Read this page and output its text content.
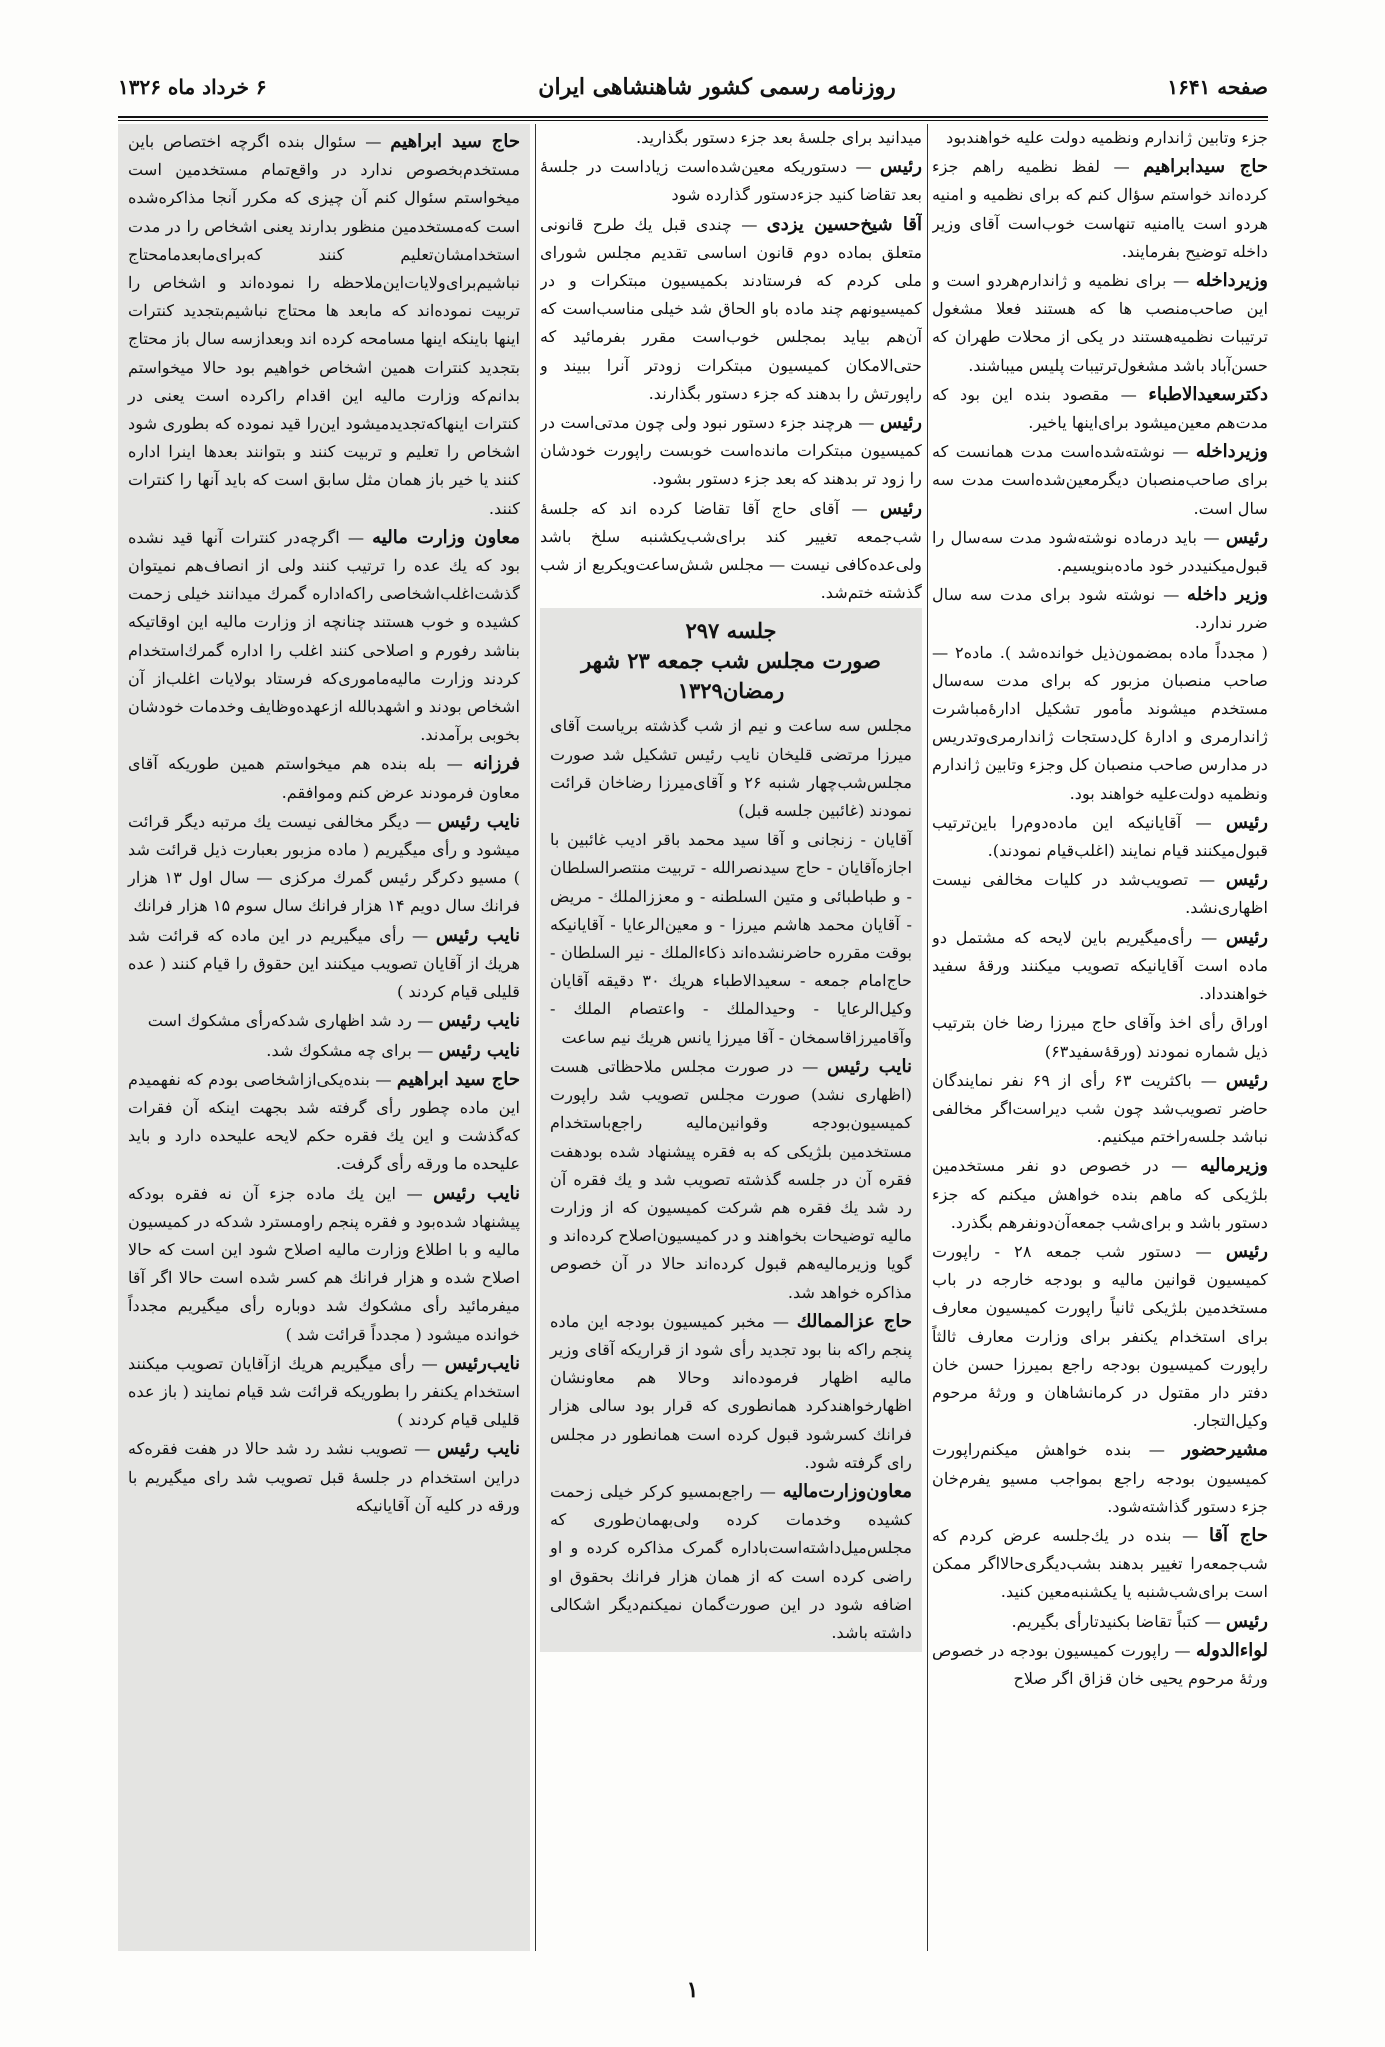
صفحه ۱۶۴۱
روزنامه رسمی کشور شاهنشاهی ایران
۶ خرداد ماه ۱۳۲۶

جزء وتابین ژاندارم ونظمیه دولت علیه خواهندبود

حاج سیدابراهیم — لفظ نظمیه راهم جزء کرده‌اند خواستم سؤال کنم که برای نظمیه و امنیه هردو است یاامنیه تنهاست خوب‌است آقای وزیر داخله توضیح بفرمایند.

وزیرداخله — برای نظمیه و ژاندارم‌هردو است و این صاحب‌منصب ها که هستند فعلا مشغول ترتیبات نظمیه‌هستند در یکی از محلات طهران که حسن‌آباد باشد مشغول‌ترتیبات پلیس میباشند.

دکترسعیدالاطباء — مقصود بنده این بود که مدت‌هم معین‌میشود برای‌اینها یا‌خیر.

وزیرداخله — نوشته‌شده‌است مدت همانست که برای صاحب‌منصبان دیگرمعین‌شده‌است مدت سه سال است.

رئیس — باید درماده نوشته‌شود مدت سه‌سال را قبول‌میکنید‌در خود ماده‌بنویسیم.

وزیر داخله — نوشته شود برای مدت سه سال ضرر ندارد.

( مجدداً ماده بمضمون‌ذیل خوانده‌شد ). ماده۲ — صاحب منصبان مزبور که برای مدت سه‌سال مستخدم میشوند مأمور تشکیل ادارۀ‌مباشرت ژاندارمری و ادارۀ کل‌دستجات ژاندارمری‌وتدریس در مدارس صاحب منصبان کل وجزء وتابین ژاندارم ونظمیه دولت‌علیه خواهند بود.

رئیس — آقایانیکه این ماده‌دوم‌را باین‌ترتیب قبول‌میکنند قیام نمایند (اغلب‌قیام نمودند).

رئیس — تصویب‌شد در کلیات مخالفی نیست اظهاری‌نشد.

رئیس — رأی‌میگیریم باین لایحه که مشتمل دو ماده است آقایانیکه تصویب میکنند ورقۀ سفید خواهند‌داد.

اوراق رأی اخذ وآقای حاج میرزا رضا خان بترتیب ذیل شماره نمودند (ورقۀ‌سفید۶۳)

رئیس — باکثریت ۶۳ رأی از ۶۹ نفر نمایندگان حاضر تصویب‌شد چون شب دیراست‌اگر مخالفی نباشد جلسه‌راختم میکنیم.

وزیرمالیه — در خصوص دو نفر مستخدمین بلژیکی که ماهم بنده خواهش میکنم که جزء دستور باشد و برای‌شب جمعه‌آن‌دونفرهم بگذرد.

رئیس — دستور شب جمعه ۲۸ - راپورت کمیسیون قوانین مالیه و بودجه خارجه در باب مستخدمین بلژیکی ثانیاً راپورت کمیسیون معارف برای استخدام یکنفر برای وزارت معارف ثالثاً راپورت کمیسیون بودجه راجع بمیرزا حسن خان دفتر دار مقتول در کرمانشاهان و ورثۀ مرحوم وکیل‌التجار.

مشیرحضور — بنده خواهش میکنم‌راپورت کمیسیون بودجه راجع بمواجب مسیو یفرم‌خان جزء دستور گذاشته‌شود.

حاج آقا — بنده در یك‌جلسه عرض کردم که شب‌جمعه‌را تغییر بدهند بشب‌دیگری‌حالا‌اگر ممکن است برای‌شب‌شنبه یا یکشنبه‌معین کنید.

رئیس — کتباً تقاضا بکنید‌تارأی بگیریم.

لواءالدوله — راپورت کمیسیون بودجه در خصوص ورثۀ مرحوم یحیی خان قزاق اگر صلاح

میدانید برای جلسۀ بعد جزء دستور بگذارید.

رئیس — دستوریکه معین‌شده‌است زیاداست در جلسۀ بعد تقاضا کنید جزءدستور گذارده شود

آقا شیخ‌حسین یزدی — چندی قبل یك طرح قانونی متعلق بماده دوم قانون اساسی تقدیم مجلس شورای ملی کردم که فرستادند بکمیسیون مبتکرات و در کمیسیونهم چند ماده باو الحاق شد خیلی مناسب‌است که آن‌هم بیاید بمجلس خوب‌است مقرر بفرمائید که حتی‌الامکان کمیسیون مبتکرات زودتر آنرا ببیند و راپورتش را بدهند که جزء دستور بگذارند.

رئیس — هرچند جزء دستور نبود ولی چون مدتی‌است در کمیسیون مبتکرات مانده‌است خوبست راپورت خودشان را زود تر بدهند که بعد جزء دستور بشود.

رئیس — آقای حاج آقا تقاضا کرده اند که جلسۀ شب‌جمعه تغییر کند برای‌شب‌یکشنبه سلخ باشد ولی‌عده‌کافی نیست — مجلس شش‌ساعت‌ویکربع از شب گذشته ختم‌شد.

جلسه ۲۹۷
صورت مجلس شب جمعه ۲۳ شهر
رمضان۱۳۲۹

مجلس سه ساعت و نیم از شب گذشته بریاست آقای میرزا مرتضی قلیخان نایب رئیس تشکیل شد صورت مجلس‌شب‌چهار شنبه ۲۶ و آقای‌میرزا رضاخان قرائت نمودند (غائبین جلسه قبل)

آقایان - زنجانی و آقا سید محمد باقر ادیب غائبین با اجازه‌آقایان - حاج سیدنصرالله - تربیت منتصرالسلطان - و طباطبائی و متین السلطنه - و معززالملك - مریض - آقایان محمد هاشم میرزا - و معین‌الرعایا - آقایانیکه بوقت مقرره حاضرنشده‌اند ذکاءالملك - نیر السلطان - حاج‌امام جمعه - سعیدالاطباء هریك ۳۰ دقیقه آقایان وکیل‌الرعایا - وحیدالملك - واعتصام الملك - وآقامیرزاقاسمخان - آقا میرزا یانس هریك نیم ساعت

نایب رئیس — در صورت مجلس ملاحظاتی هست (اظهاری نشد) صورت مجلس تصویب شد راپورت کمیسیون‌بودجه وقوانین‌مالیه راجع‌باستخدام مستخدمین بلژیکی که به فقره پیشنهاد شده بودهفت فقره آن در جلسه گذشته تصویب شد و یك فقره آن رد شد یك فقره هم شرکت کمیسیون که از وزارت مالیه توضیحات بخواهند و در کمیسیون‌اصلاح کرده‌اند و گویا وزیرمالیه‌هم قبول کرده‌اند حالا در آن خصوص مذاکره خواهد شد.

حاج عزالممالك — مخبر کمیسیون بودجه این ماده پنجم راکه بنا بود تجدید رأی شود از قراریکه آقای وزیر مالیه اظهار فرموده‌اند وحالا هم معاونشان اظهارخواهند‌کرد همانطوری که قرار بود سالی هزار فرانك کسرشود قبول کرده است همانطور در مجلس رای گرفته شود.

معاون‌وزارت‌مالیه — راجع‌بمسیو کرکر خیلی زحمت کشیده وخدمات کرده ولی‌بهمان‌طوری که مجلس‌میل‌داشته‌است‌باداره گمرک مذاکره کرده و او راضی کرده است که از همان هزار فرانك بحقوق او اضافه شود در این صورت‌گمان نمیکنم‌دیگر اشکالی داشته باشد.

حاج سید ابراهیم — سئوال بنده اگرچه اختصاص باین مستخدم‌بخصوص ندارد در واقع‌تمام مستخدمین است میخواستم سئوال کنم آن چیزی که مکرر آنجا مذاکره‌شده است که‌مستخدمین منظور بدارند یعنی اشخاص را در مدت استخدامشان‌تعلیم کنند که‌برای‌ما‌بعد‌ما‌محتاج نباشیم‌برای‌ولایات‌این‌ملاحظه را نموده‌اند و اشخاص را تربیت نموده‌اند که مابعد ها محتاج نباشیم‌بتجدید کنترات اینها باینکه اینها مسامحه کرده اند وبعدازسه سال باز محتاج بتجدید کنترات همین اشخاص خواهیم بود حالا میخواستم بدانم‌که وزارت مالیه این اقدام راکرده است یعنی در کنترات اینهاکه‌تجدید‌میشود این‌را قید نموده که بطوری شود اشخاص را تعلیم و تربیت کنند و بتوانند بعدها اینرا اداره کنند یا خیر باز همان مثل سابق است که باید آنها را کنترات کنند.

معاون وزارت مالیه — اگرچه‌در کنترات آنها قید نشده بود که یك عده را ترتیب کنند ولی از انصاف‌هم نمیتوان گذشت‌اغلب‌اشخاصی راکه‌اداره گمرك میدانند خیلی زحمت کشیده و خوب هستند چنانچه از وزارت مالیه این اوقاتیکه بناشد رفورم و اصلاحی کنند اغلب را اداره گمرك‌استخدام کردند وزارت مالیه‌ماموری‌که فرستاد بولایات اغلب‌از آن اشخاص بودند و اشهدبالله ازعهده‌وظایف وخدمات خودشان بخوبی برآمدند.

فرزانه — بله بنده هم میخواستم همین طوریکه آقای معاون فرمودند عرض کنم وموافقم.

نایب رئیس — دیگر مخالفی نیست یك مرتبه دیگر قرائت میشود و رأی میگیریم ( ماده مزبور بعبارت ذیل قرائت شد ) مسیو دکرگر رئیس گمرك مرکزی — سال اول ۱۳ هزار فرانك سال دویم ۱۴ هزار فرانك سال سوم ۱۵ هزار فرانك

نایب رئیس — رأی میگیریم در این ماده که قرائت شد هریك از آقایان تصویب میکنند این حقوق را قیام کنند ( عده قلیلی قیام کردند )

نایب رئیس — رد شد اظهاری شدکه‌رأی مشکوك است

نایب رئیس — برای چه مشکوك شد.

حاج سید ابراهیم — بنده‌یکی‌ازاشخاصی بودم که نفهمیدم این ماده چطور رأی گرفته شد بجهت اینکه آن فقرات که‌گذشت و این یك فقره حکم لایحه علیحده دارد و باید علیحده ما ورقه رأی‌ گرفت.

نایب رئیس — این یك ماده جزء آن نه فقره بودکه پیشنهاد شده‌بود و فقره پنجم راومسترد شدکه در کمیسیون مالیه و با اطلاع وزارت مالیه اصلاح شود این است که حالا اصلاح شده و هزار فرانك هم کسر شده است حالا اگر آقا میفرمائید رأی مشکوك شد دوباره رأی میگیریم مجدداً خوانده میشود ( مجدداً قرائت شد )

نایب‌رئیس — رأی میگیریم هریك ازآقایان تصویب میکنند استخدام یکنفر را بطوریکه قرائت شد قیام نمایند ( باز عده قلیلی قیام کردند )

نایب رئیس — تصویب نشد رد شد حالا در هفت فقره‌که دراین استخدام در جلسۀ قبل تصویب شد رای میگیریم با ورقه در کلیه آن آقایانیکه

۱
